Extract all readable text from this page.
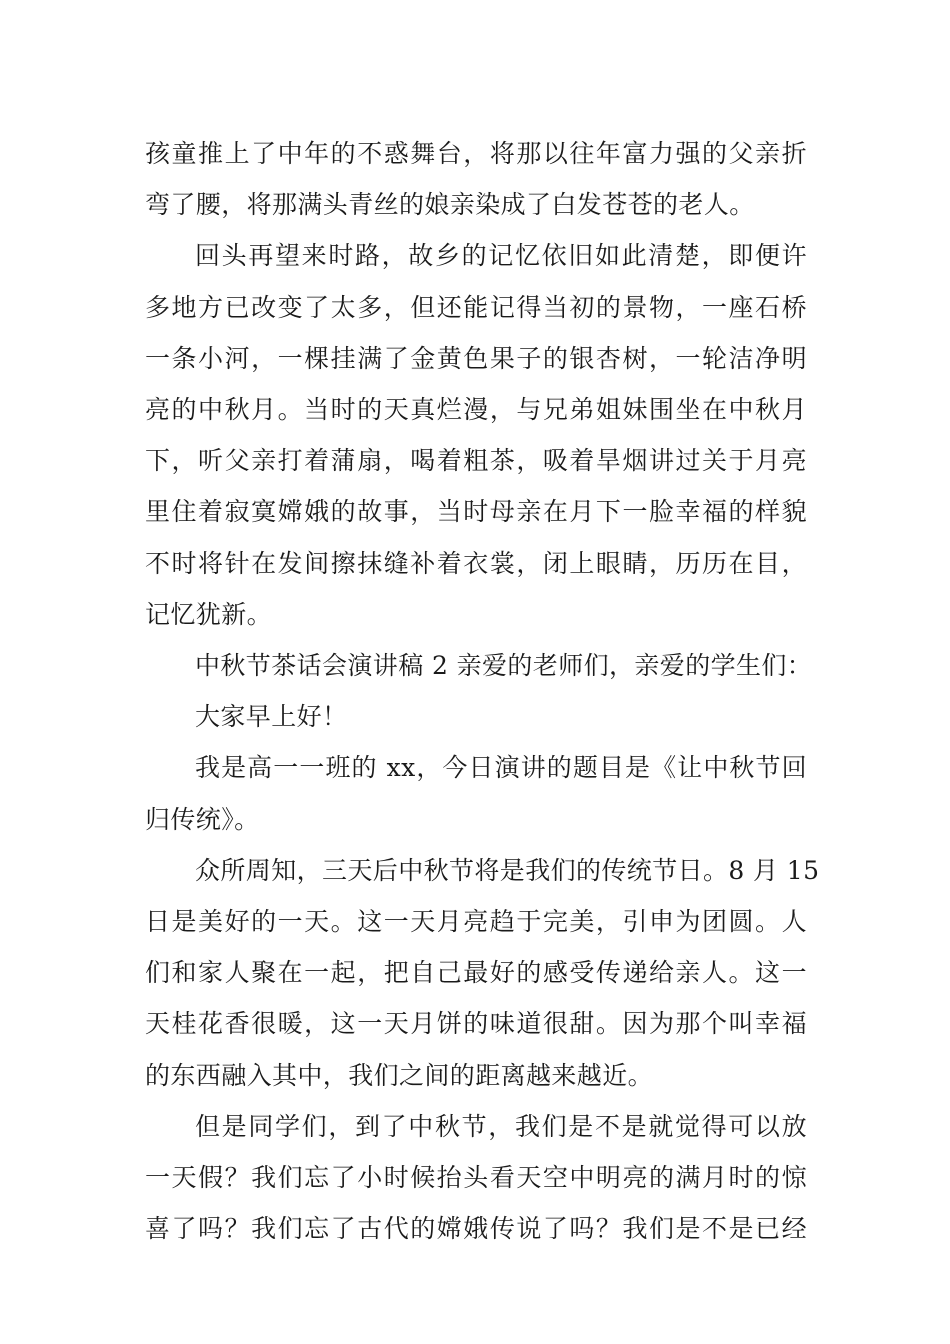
孩童推上了中年的不惑舞台，将那以往年富力强的父亲折
弯了腰，将那满头青丝的娘亲染成了白发苍苍的老人。

回头再望来时路，故乡的记忆依旧如此清楚，即便许
多地方已改变了太多，但还能记得当初的景物，一座石桥
一条小河，一棵挂满了金黄色果子的银杏树，一轮洁净明
亮的中秋月。当时的天真烂漫，与兄弟姐妹围坐在中秋月
下，听父亲打着蒲扇，喝着粗茶，吸着旱烟讲过关于月亮
里住着寂寞嫦娥的故事，当时母亲在月下一脸幸福的样貌
不时将针在发间擦抹缝补着衣裳，闭上眼睛，历历在目，
记忆犹新。

中秋节茶话会演讲稿 2 亲爱的老师们，亲爱的学生们：

大家早上好！

我是高一一班的 xx，今日演讲的题目是《让中秋节回
归传统》。

众所周知，三天后中秋节将是我们的传统节日。8 月 15
日是美好的一天。这一天月亮趋于完美，引申为团圆。人
们和家人聚在一起，把自己最好的感受传递给亲人。这一
天桂花香很暖，这一天月饼的味道很甜。因为那个叫幸福
的东西融入其中，我们之间的距离越来越近。

但是同学们，到了中秋节，我们是不是就觉得可以放
一天假？我们忘了小时候抬头看天空中明亮的满月时的惊
喜了吗？我们忘了古代的嫦娥传说了吗？我们是不是已经
